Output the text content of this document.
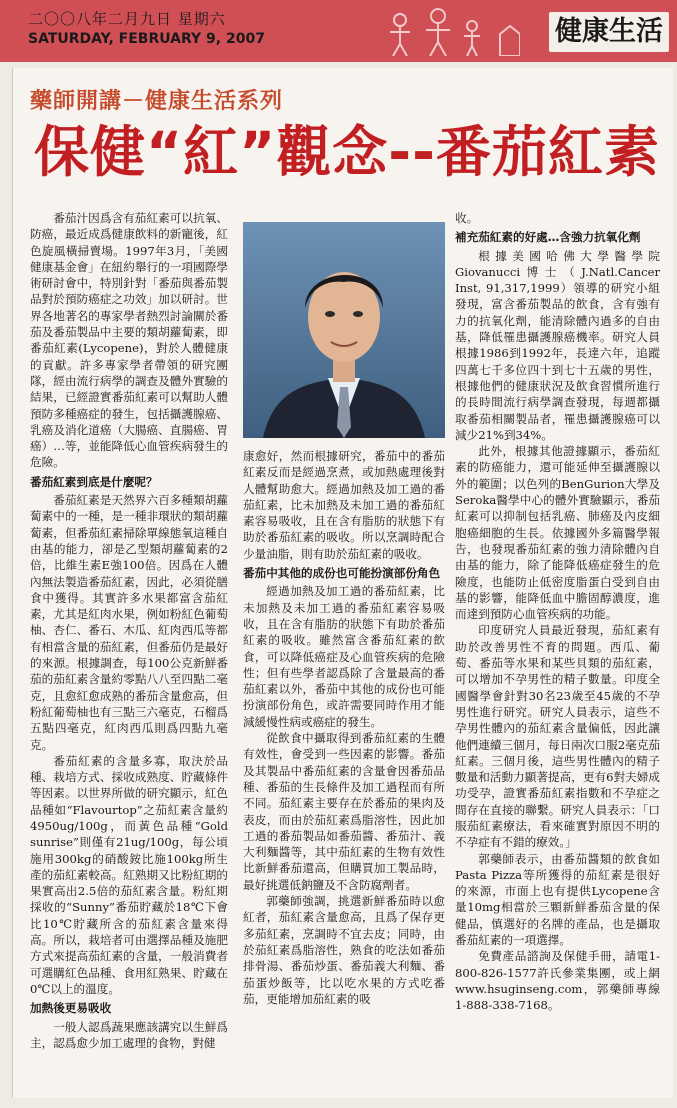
二〇〇八年二月九日 星期六
SATURDAY, FEBRUARY 9, 2007	健康生活
藥師開講－健康生活系列
保健“紅”觀念--番茄紅素

番茄汁因爲含有茄紅素可以抗氧、防癌，最近成爲健康飲料的新寵後，紅色旋風橫掃賣場。1997年3月，「美國健康基金會」在紐約舉行的一項國際學術研討會中，特別針對「番茄與番茄製品對於預防癌症之功效」加以研討。世界各地著名的專家學者熱烈討論關於番茄及番茄製品中主要的類胡蘿蔔素，即番茄紅素(Lycopene)，對於人體健康的貢獻。許多專家學者帶領的研究團隊，經由流行病學的調查及體外實驗的結果，已經證實番茄紅素可以幫助人體預防多種癌症的發生，包括攝護腺癌、乳癌及消化道癌（大腸癌、直腸癌、胃癌）…等，並能降低心血管疾病發生的危險。

番茄紅素到底是什麼呢？

番茄紅素是天然界六百多種類胡蘿蔔素中的一種，是一種非環狀的類胡蘿蔔素，但番茄紅素掃除單線態氧這種自由基的能力，卻是乙型類胡蘿蔔素的2倍，比維生素E強100倍。因爲在人體內無法製造番茄紅素，因此，必須從膳食中獲得。其實許多水果都富含茄紅素，尤其是紅肉水果，例如粉紅色葡萄柚、杏仁、番石、木瓜、紅肉西瓜等都有相當含量的茄紅素，但番茄仍是最好的來源。根據調查，每100公克新鮮番茄的茄紅素含量約零點八八至四點二毫克，且愈紅愈成熟的番茄含量愈高，但粉紅葡萄柚也有三點三六毫克，石榴爲五點四毫克，紅肉西瓜則爲四點九毫克。

番茄紅素的含量多寡，取決於品種、栽培方式、採收成熟度、貯藏條件等因素。以世界所做的研究顯示，紅色品種如“Flavourtop”之茄紅素含量約4950ug/100g，而黃色品種“Gold sunrise”則僅有21ug/100g，每公頃施用300kg的硝酸銨比施100kg所生產的茄紅素較高。紅熟期又比粉紅期的果實高出2.5倍的茄紅素含量。粉紅期採收的“Sunny”番茄貯藏於18℃下會比10℃貯藏所含的茄紅素含量來得高。所以，栽培者可由選擇品種及施肥方式來提高茄紅素的含量，一般消費者可選購紅色品種、食用紅熟果、貯藏在0℃以上的溫度。

加熱後更易吸收

一般人認爲蔬果應該講究以生鮮爲主，認爲愈少加工處理的食物，對健

康愈好，然而根據研究，番茄中的番茄紅素反而是經過烹煮，或加熱處理後對人體幫助愈大。經過加熱及加工過的番茄紅素，比未加熱及未加工過的番茄紅素容易吸收，且在含有脂肪的狀態下有助於番茄紅素的吸收。所以烹調時配合少量油脂，則有助於茄紅素的吸收。

番茄中其他的成份也可能扮演部份角色

經過加熱及加工過的番茄紅素，比未加熱及未加工過的番茄紅素容易吸收，且在含有脂肪的狀態下有助於番茄紅素的吸收。雖然富含番茄紅素的飲食，可以降低癌症及心血管疾病的危險性；但有些學者認爲除了含量最高的番茄紅素以外，番茄中其他的成份也可能扮演部份角色，或許需要同時作用才能減緩慢性病或癌症的發生。

從飲食中攝取得到番茄紅素的生體有效性，會受到一些因素的影響。番茄及其製品中番茄紅素的含量會因番茄品種、番茄的生長條件及加工過程而有所不同。茄紅素主要存在於番茄的果肉及表皮，而由於茄紅素爲脂溶性，因此加工過的番茄製品如番茄醬、番茄汁、義大利麵醬等，其中茄紅素的生物有效性比新鮮番茄還高，但購買加工製品時，最好挑選低鈉鹽及不含防腐劑者。

郭藥師強調，挑選新鮮番茄時以愈紅者，茄紅素含量愈高，且爲了保存更多茄紅素，烹調時不宜去皮；同時，由於茄紅素爲脂溶性，熟食的吃法如番茄排骨湯、番茄炒蛋、番茄義大利麵、番茄蛋炒飯等，比以吃水果的方式吃番茄，更能增加茄紅素的吸

收。

補充茄紅素的好處…含強力抗氧化劑

根據美國哈佛大學醫學院Giovanucci博士（J.Natl.Cancer Inst, 91,317,1999）領導的研究小組發現，富含番茄製品的飲食，含有強有力的抗氧化劑，能清除體內過多的自由基，降低罹患攝護腺癌機率。研究人員根據1986到1992年，長達六年，追蹤四萬七千多位四十到七十五歲的男性，根據他們的健康狀況及飲食習慣所進行的長時間流行病學調查發現，每週都攝取番茄相關製品者，罹患攝護腺癌可以減少21%到34%。

此外，根據其他證據顯示，番茄紅素的防癌能力，還可能延伸至攝護腺以外的範圍；以色列的BenGurion大學及Seroka醫學中心的體外實驗顯示，番茄紅素可以抑制包括乳癌、肺癌及內皮細胞癌細胞的生長。依據國外多篇醫學報告，也發現番茄紅素的強力清除體內自由基的能力，除了能降低癌症發生的危險度，也能防止低密度脂蛋白受到自由基的影響，能降低血中膽固醇濃度，進而達到預防心血管疾病的功能。

印度研究人員最近發現，茄紅素有助於改善男性不育的問題。西瓜、葡萄、番茄等水果和某些貝類的茄紅素，可以增加不孕男性的精子數量。印度全國醫學會針對30名23歲至45歲的不孕男性進行研究。研究人員表示，這些不孕男性體內的茄紅素含量偏低，因此讓他們連續三個月，每日兩次口服2毫克茄紅素。三個月後，這些男性體內的精子數量和活動力顯著提高，更有6對夫婦成功受孕，證實番茄紅素指數和不孕症之間存在直接的聯繫。研究人員表示：「口服茄紅素療法，看來確實對原因不明的不孕症有不錯的療效。」

郭藥師表示，由番茄醬類的飲食如Pasta Pizza等所獲得的茄紅素是很好的來源，市面上也有提供Lycopene含量10mg相當於三顆新鮮番茄含量的保健品，慎選好的名牌的產品，也是攝取番茄紅素的一項選擇。

免費產品諮詢及保健手冊，請電1-800-826-1577許氏參業集團，或上網www.hsuginseng.com，郭藥師專線1-888-338-7168。
